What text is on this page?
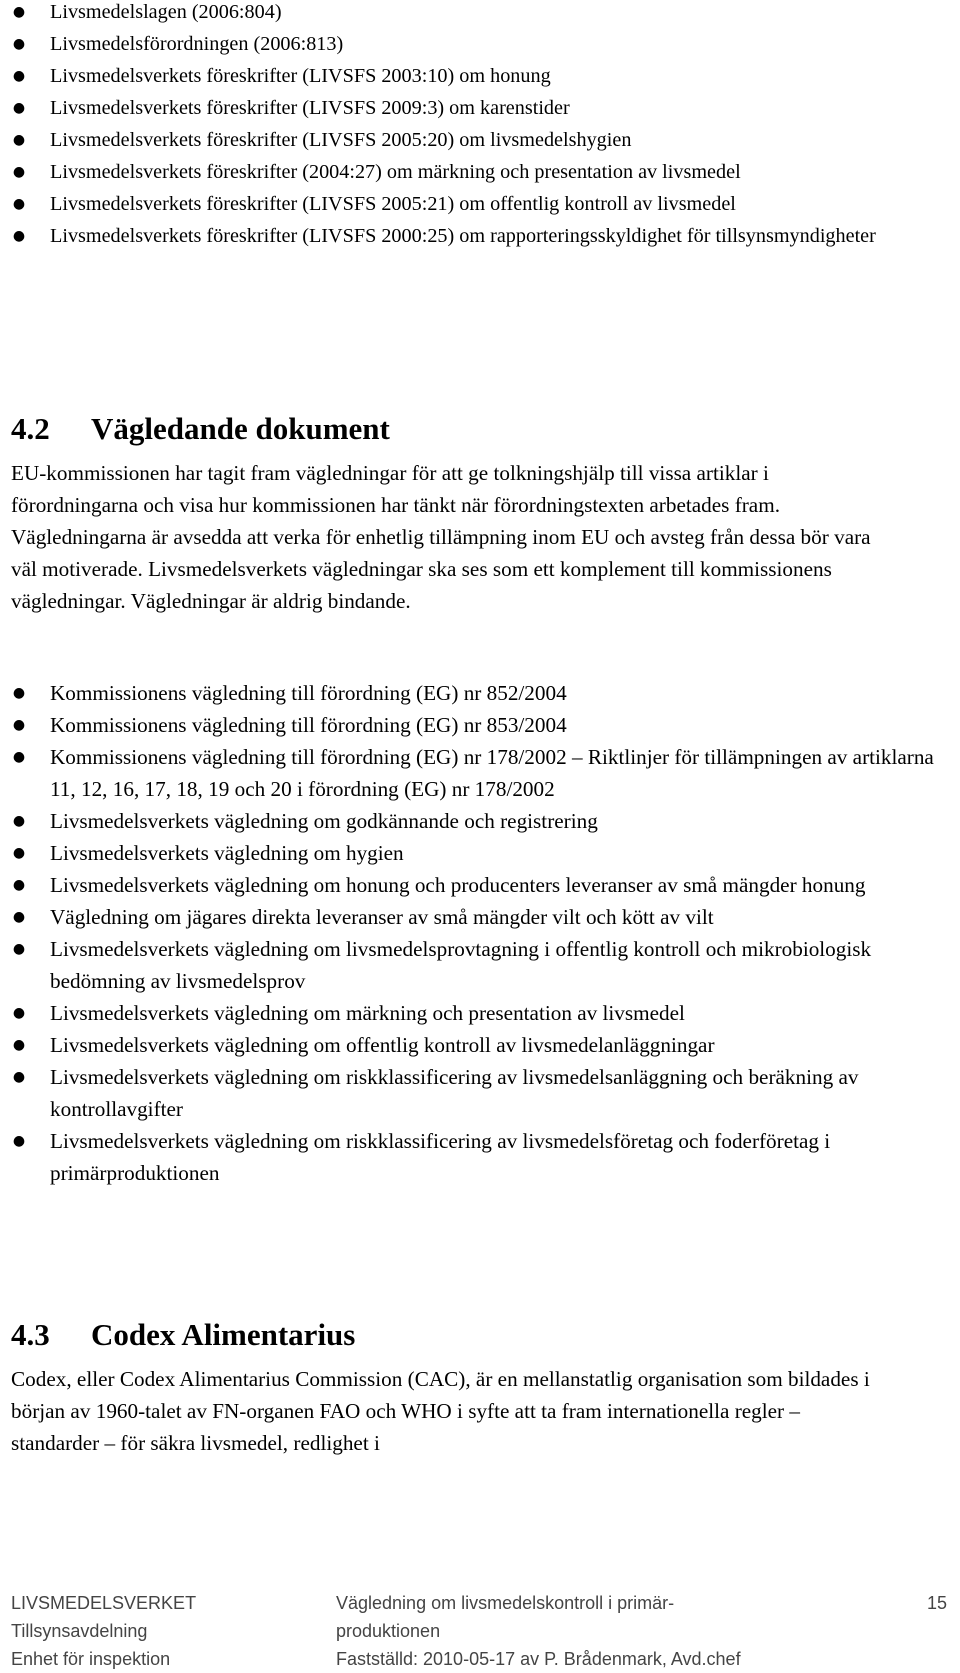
● Livsmedelslagen (2006:804)
● Livsmedelsförordningen (2006:813)
● Livsmedelsverkets föreskrifter (LIVSFS 2003:10) om honung
● Livsmedelsverkets föreskrifter (LIVSFS 2009:3) om karenstider
● Livsmedelsverkets föreskrifter (LIVSFS 2005:20) om livsmedelshygien
● Livsmedelsverkets föreskrifter (2004:27) om märkning och presentation av livsmedel
● Livsmedelsverkets föreskrifter (LIVSFS 2005:21) om offentlig kontroll av livsmedel
● Livsmedelsverkets föreskrifter (LIVSFS 2000:25) om rapporteringsskyldighet för tillsynsmyndigheter
4.2 Vägledande dokument

EU-kommissionen har tagit fram vägledningar för att ge tolkningshjälp till vissa artiklar i förordningarna och visa hur kommissionen har tänkt när förordningstexten arbetades fram. Vägledningarna är avsedda att verka för enhetlig tillämpning inom EU och avsteg från dessa bör vara väl motiverade. Livsmedelsverkets vägledningar ska ses som ett komplement till kommissionens vägledningar. Vägledningar är aldrig bindande.

● Kommissionens vägledning till förordning (EG) nr 852/2004
● Kommissionens vägledning till förordning (EG) nr 853/2004
● Kommissionens vägledning till förordning (EG) nr 178/2002 – Riktlinjer för tillämpningen av artiklarna 11, 12, 16, 17, 18, 19 och 20 i förordning (EG) nr 178/2002
● Livsmedelsverkets vägledning om godkännande och registrering
● Livsmedelsverkets vägledning om hygien
● Livsmedelsverkets vägledning om honung och producenters leveranser av små mängder honung
● Vägledning om jägares direkta leveranser av små mängder vilt och kött av vilt
● Livsmedelsverkets vägledning om livsmedelsprovtagning i offentlig kontroll och mikrobiologisk bedömning av livsmedelsprov
● Livsmedelsverkets vägledning om märkning och presentation av livsmedel
● Livsmedelsverkets vägledning om offentlig kontroll av livsmedelanläggningar
● Livsmedelsverkets vägledning om riskklassificering av livsmedelsanläggning och beräkning av kontrollavgifter
● Livsmedelsverkets vägledning om riskklassificering av livsmedelsföretag och foderföretag i primärproduktionen
4.3 Codex Alimentarius

Codex, eller Codex Alimentarius Commission (CAC), är en mellanstatlig organisation som bildades i början av 1960-talet av FN-organen FAO och WHO i syfte att ta fram internationella regler – standarder – för säkra livsmedel, redlighet i

LIVSMEDELSVERKET
Tillsynsavdelning
Enhet för inspektion
Vägledning om livsmedelskontroll i primär-
produktionen
Fastställd: 2010-05-17 av P. Brådenmark, Avd.chef
15
